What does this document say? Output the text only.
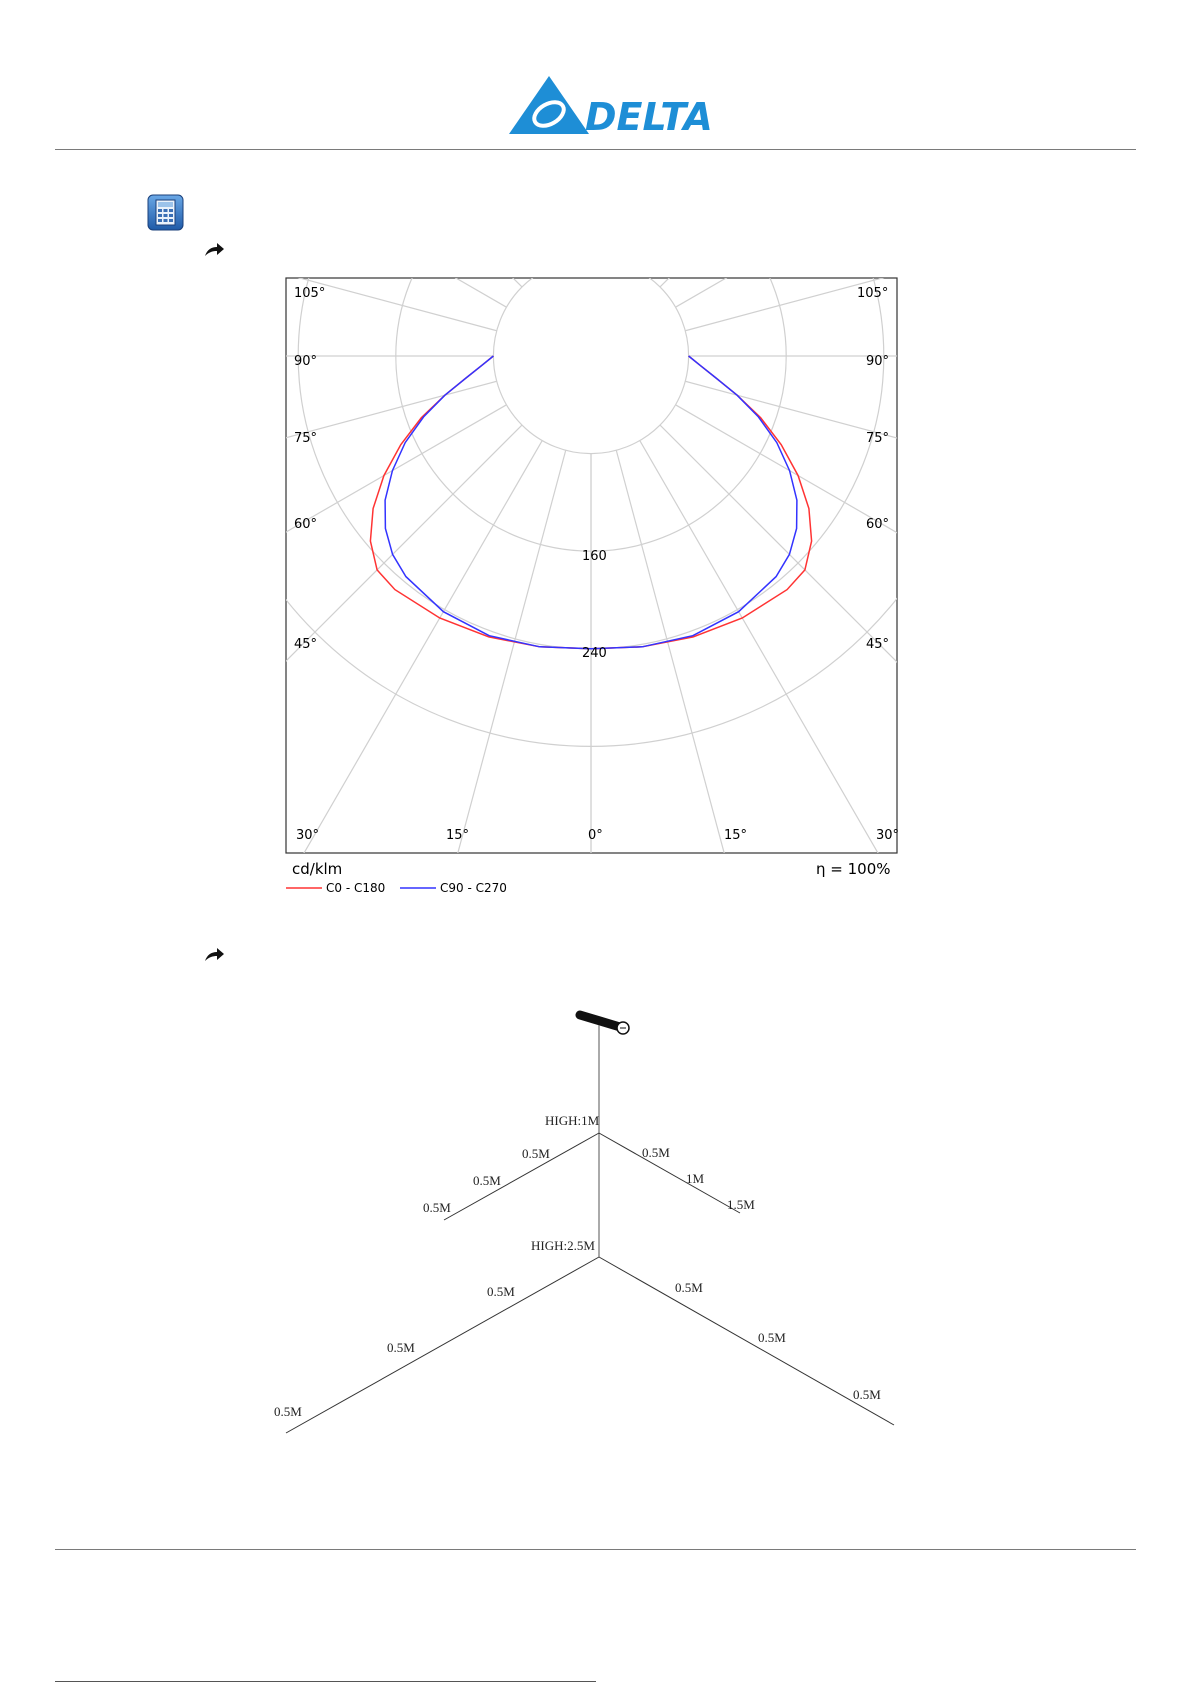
DELTA
105°	105°
90°	90°
75°	75°
60°	60°
45°	45°
30°	15°	0°	15°	30°
160
240
cd/klm	η = 100%
C0 - C180	C90 - C270
HIGH:1M
HIGH:2.5M
0.5M
0.5M
0.5M
0.5M
1M
1.5M
0.5M
0.5M
0.5M
0.5M
0.5M
0.5M
